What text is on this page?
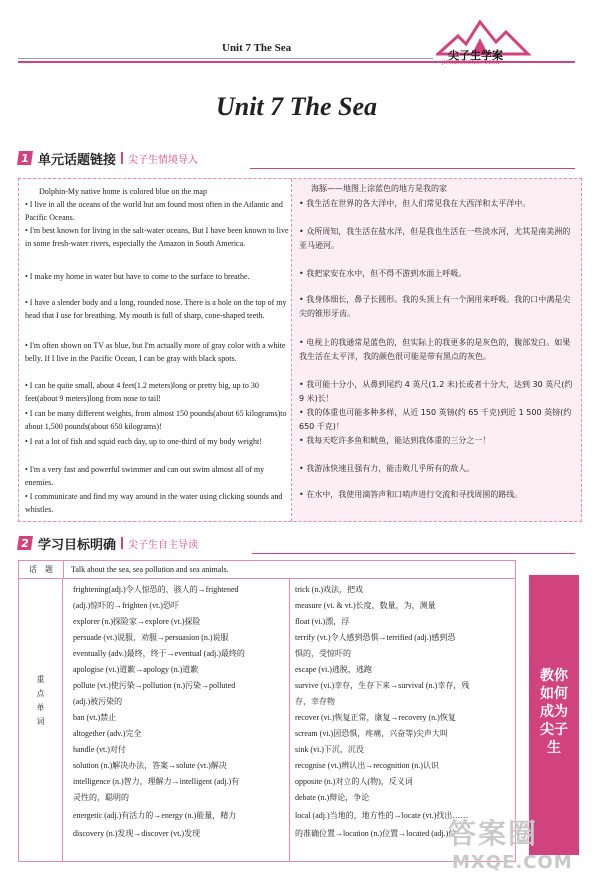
Unit 7 The Sea
尖子生学案
JIANZISHENGXUEAN
Unit 7 The Sea
1 单元话题链接 尖子生情境导入
Dolphin-My native home is colored blue on the map
• I live in all the oceans of the world but am found most often in the Atlantic and Pacific Oceans.
• I'm best known for living in the salt-water oceans, But I have been known to live in some fresh-water rivers, especially the Amazon in South America.
• I make my home in water but have to come to the surface to breathe.
• I have a slender body and a long, rounded nose. There is a hole on the top of my head that I use for breathing. My mouth is full of sharp, cone-shaped teeth.
• I'm often shown on TV as blue, but I'm actually more of gray color with a white belly. If I live in the Pacific Ocean, I can be gray with black spots.
• I can be quite small, about 4 feet(1.2 meters)long or pretty big, up to 30 feet(about 9 meters)long from nose to tail!
• I can be many different weights, from almost 150 pounds(about 65 kilograms)to about 1,500 pounds(about 650 kilograms)!
• I eat a lot of fish and squid each day, up to one-third of my body weight!
• I'm a very fast and powerful swimmer and can out swim almost all of my enemies.
• I communicate and find my way around in the water using clicking sounds and whistles.
海豚——地图上涂蓝色的地方是我的家
• 我生活在世界的各大洋中，但人们常见我在大西洋和太平洋中。
• 众所周知，我生活在盐水洋，但是我也生活在一些淡水河，尤其是南美洲的亚马逊河。
• 我把家安在水中，但不得不游到水面上呼吸。
• 我身体细长，鼻子长圆形。我的头顶上有一个洞用来呼吸。我的口中满是尖尖的锥形牙齿。
• 电视上的我通常是蓝色的，但实际上的我更多的是灰色的，腹部发白。如果我生活在太平洋，我的颜色很可能是带有黑点的灰色。
• 我可能十分小，从鼻到尾约 4 英尺(1.2 米)长或者十分大，达到 30 英尺(约 9 米)长！
• 我的体重也可能多种多样，从近 150 英镑(约 65 千克)到近 1 500 英镑(约 650 千克)！
• 我每天吃许多鱼和鱿鱼，能达到我体重的三分之一！
• 我游泳快速且强有力，能击败几乎所有的敌人。
• 在水中，我使用滴答声和口哨声进行交流和寻找周围的路线。
2 学习目标明确 尖子生自主导读
话　题	Talk about the sea, sea pollution and sea animals.
重
点
单
词
frightening(adj.)令人惊恐的，骇人的→frightened
(adj.)惊吓的→frighten (vt.)恐吓
explorer (n.)探险家→explore (vt.)探险
persuade (vt.)说服，劝服→persuasion (n.)说服
eventually (adv.)最终，终于→eventual (adj.)最终的
apologise (vi.)道歉→apology (n.)道歉
pollute (vt.)使污染→pollution (n.)污染→polluted
(adj.)被污染的
ban (vt.)禁止
altogether (adv.)完全
handle (vt.)对付
solution (n.)解决办法，答案→solute (vt.)解决
intelligence (n.)智力，理解力→intelligent (adj.)有
灵性的，聪明的
energetic (adj.)有活力的→energy (n.)能量，精力
discovery (n.)发现→discover (vt.)发现
trick (n.)戏法，把戏
measure (vi. & vt.)长度，数量，为，测量
float (vi.)漂，浮
terrify (vt.)令人感到恐惧→terrified (adj.)感到恐
惧的，受惊吓的
escape (vi.)逃脱，逃跑
survive (vi.)幸存，生存下来→survival (n.)幸存，残
存，幸存物
recover (vi.)恢复正常，康复→recovery (n.)恢复
scream (vi.)因恐惧，疼痛，兴奋等)尖声大叫
sink (vi.)下沉，沉没
recognise (vt.)辨认出→recognition (n.)认识
opposite (n.)对立的人(物)，反义词
debate (n.)辩论，争论
local (adj.)当地的，地方性的→locate (vt.)找出……
的准确位置→location (n.)位置→located (adj.)位
教你如何成为尖子生
答案圈
MXQE.COM
